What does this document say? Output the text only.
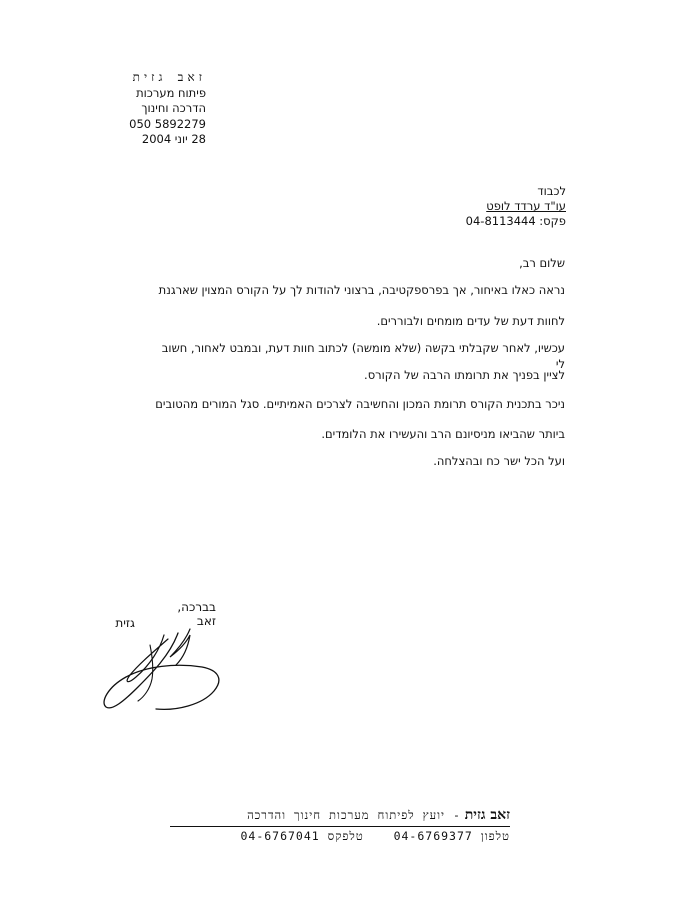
זאב גזית
פיתוח מערכות
הדרכה וחינוך
050 5892279
28 יוני 2004
לכבוד
עו"ד ערדד לופט
פקס: 04-8113444

שלום רב,

נראה כאלו באיחור, אך בפרספקטיבה, ברצוני להודות לך על הקורס המצוין שארגנת

לחוות דעת של עדים מומחים ולבוררים.

עכשיו, לאחר שקבלתי בקשה (שלא מומשה) לכתוב חוות דעת, ובמבט לאחור, חשוב לי

לציין בפניך את תרומתו הרבה של הקורס.

ניכר בתכנית הקורס תרומת המכון והחשיבה לצרכים האמיתיים. סגל המורים מהטובים

ביותר שהביאו מניסיונם הרב והעשירו את הלומדים.

ועל הכל ישר כח ובהצלחה.

בברכה,
זאב
גזית
זאב גזית - יועץ לפיתוח מערכות חינוך והדרכה
טלפון 04-6769377  טלפקס 04-6767041
